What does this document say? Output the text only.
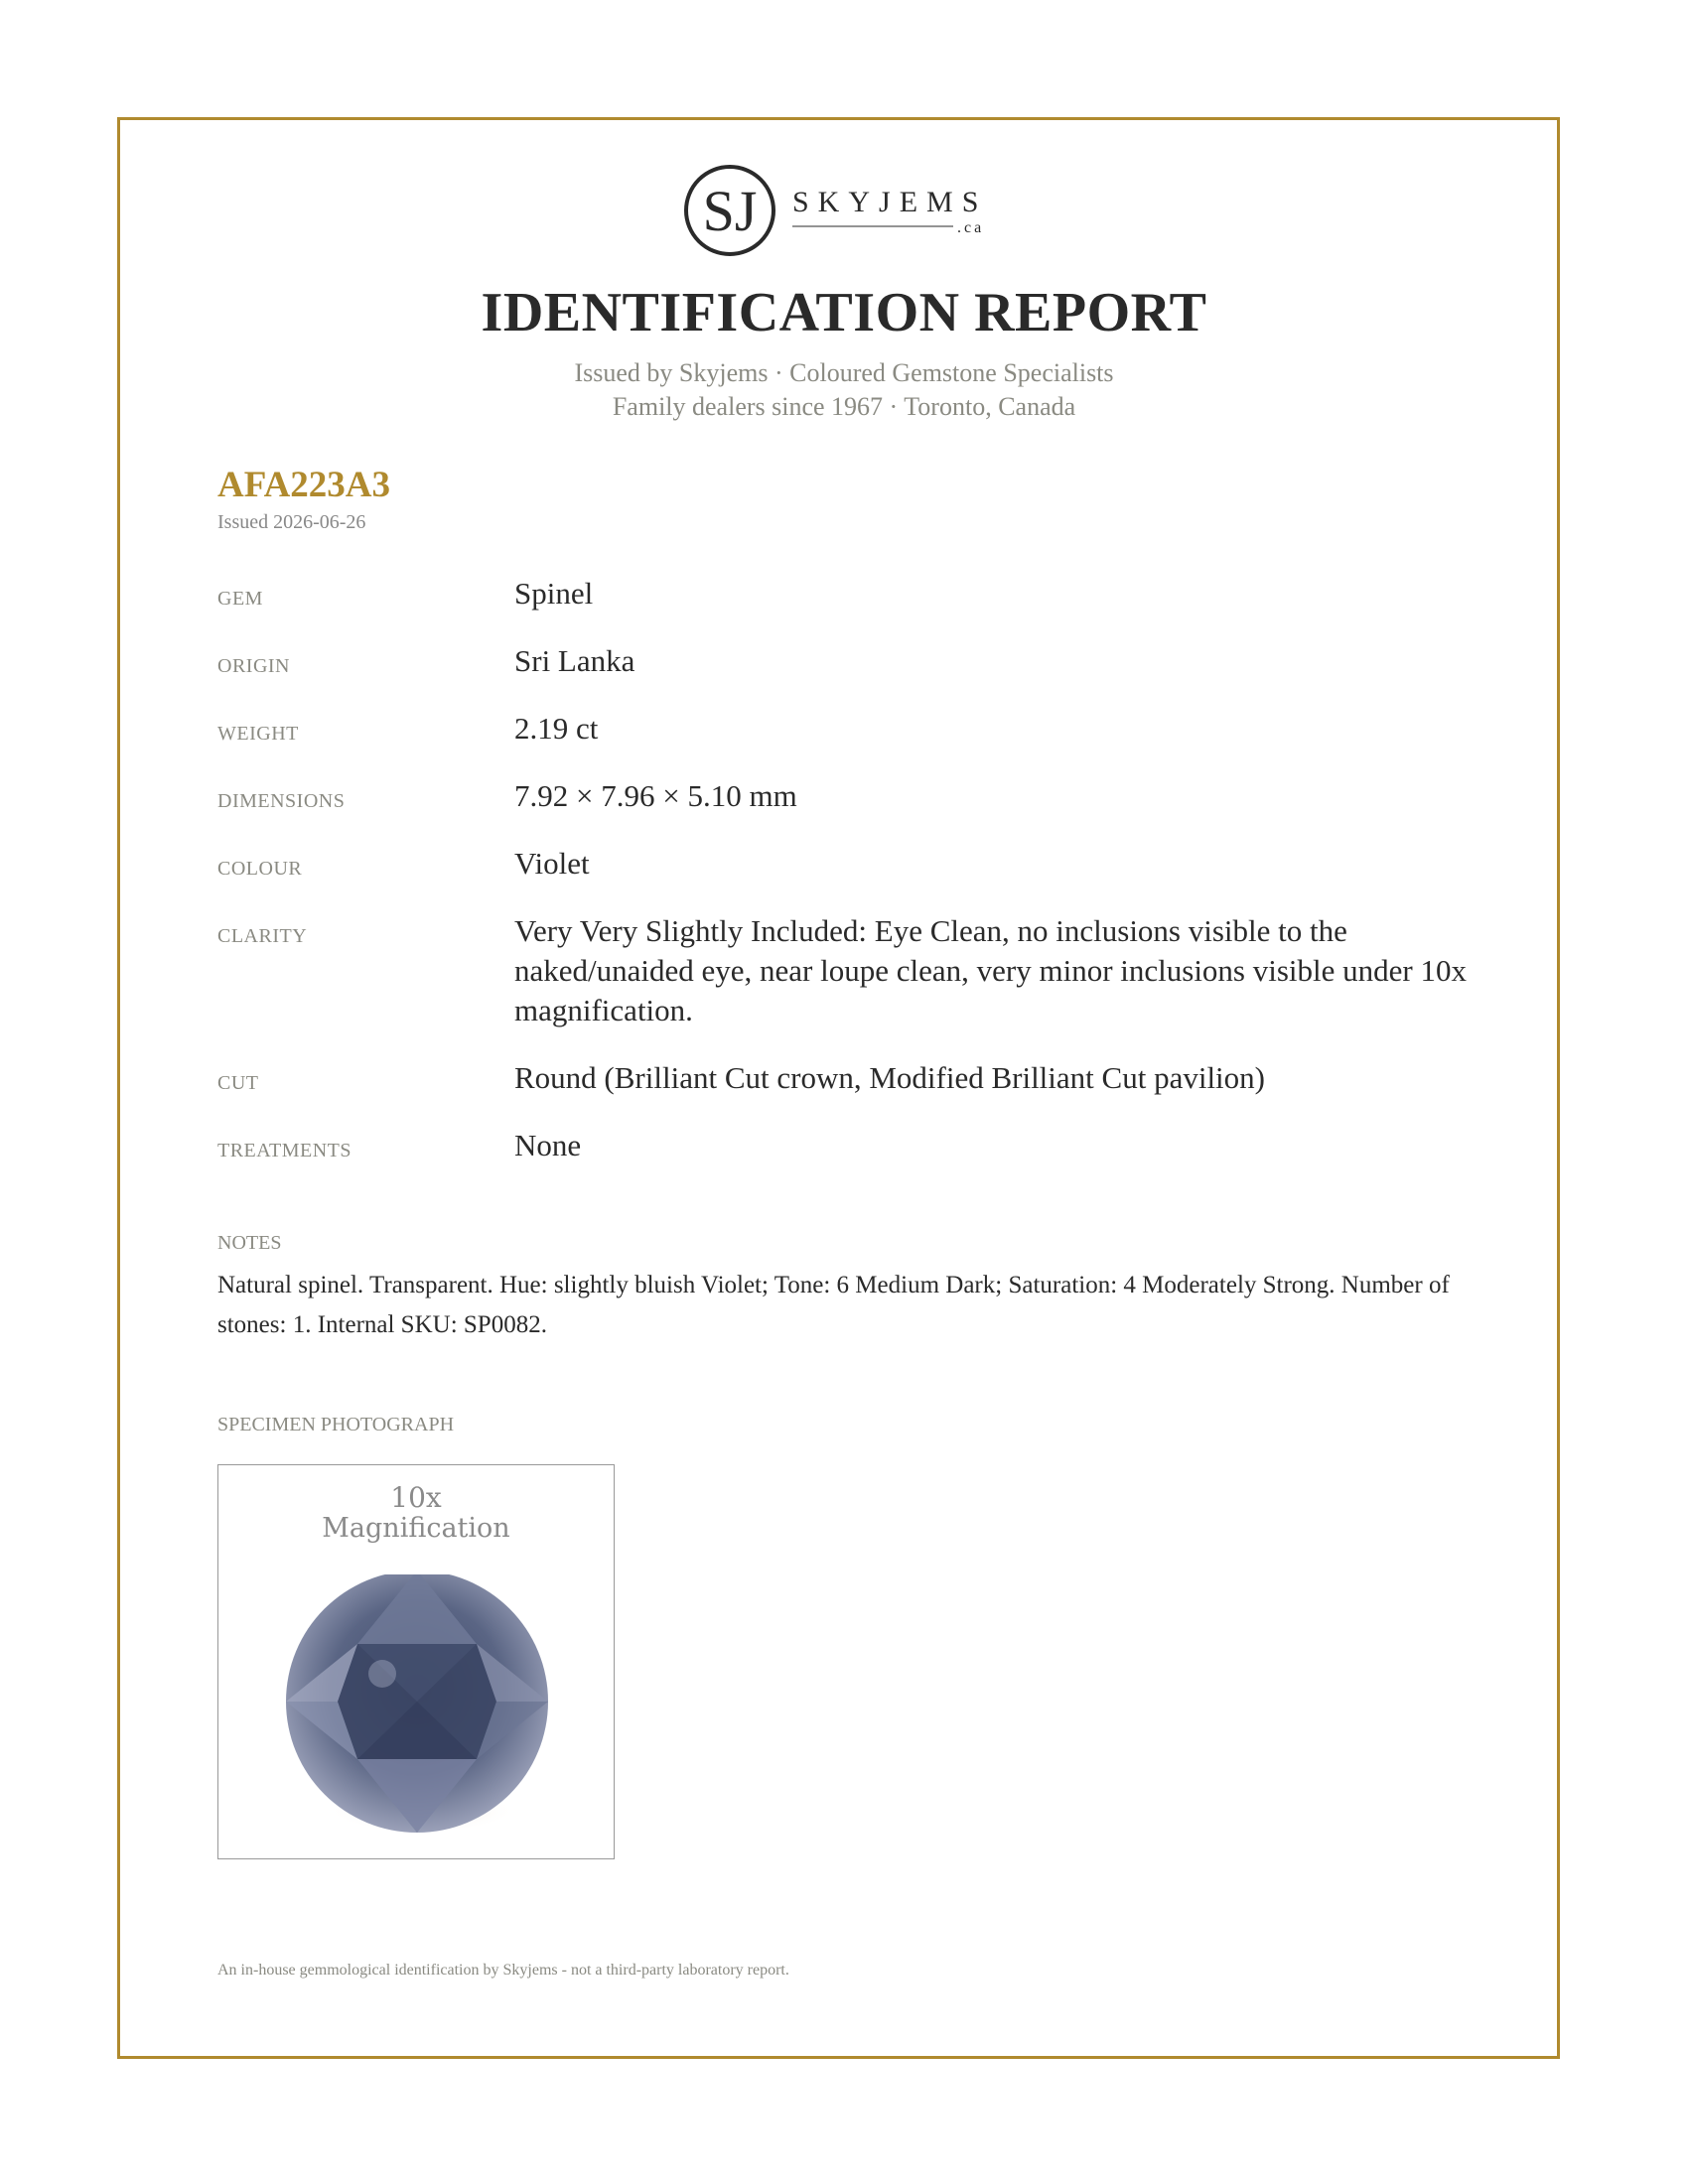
SJ SKYJEMS
.ca
IDENTIFICATION REPORT
Issued by Skyjems · Coloured Gemstone Specialists
Family dealers since 1967 · Toronto, Canada
AFA223A3
Issued 2026-06-26
GEM	Spinel
ORIGIN	Sri Lanka
WEIGHT	2.19 ct
DIMENSIONS	7.92 × 7.96 × 5.10 mm
COLOUR	Violet
CLARITY	Very Very Slightly Included: Eye Clean, no inclusions visible to the naked/unaided eye, near loupe clean, very minor inclusions visible under 10x magnification.
CUT	Round (Brilliant Cut crown, Modified Brilliant Cut pavilion)
TREATMENTS	None
NOTES
Natural spinel. Transparent. Hue: slightly bluish Violet; Tone: 6 Medium Dark; Saturation: 4 Moderately Strong. Number of stones: 1. Internal SKU: SP0082.
SPECIMEN PHOTOGRAPH
10x
Magnification
An in-house gemmological identification by Skyjems - not a third-party laboratory report.
